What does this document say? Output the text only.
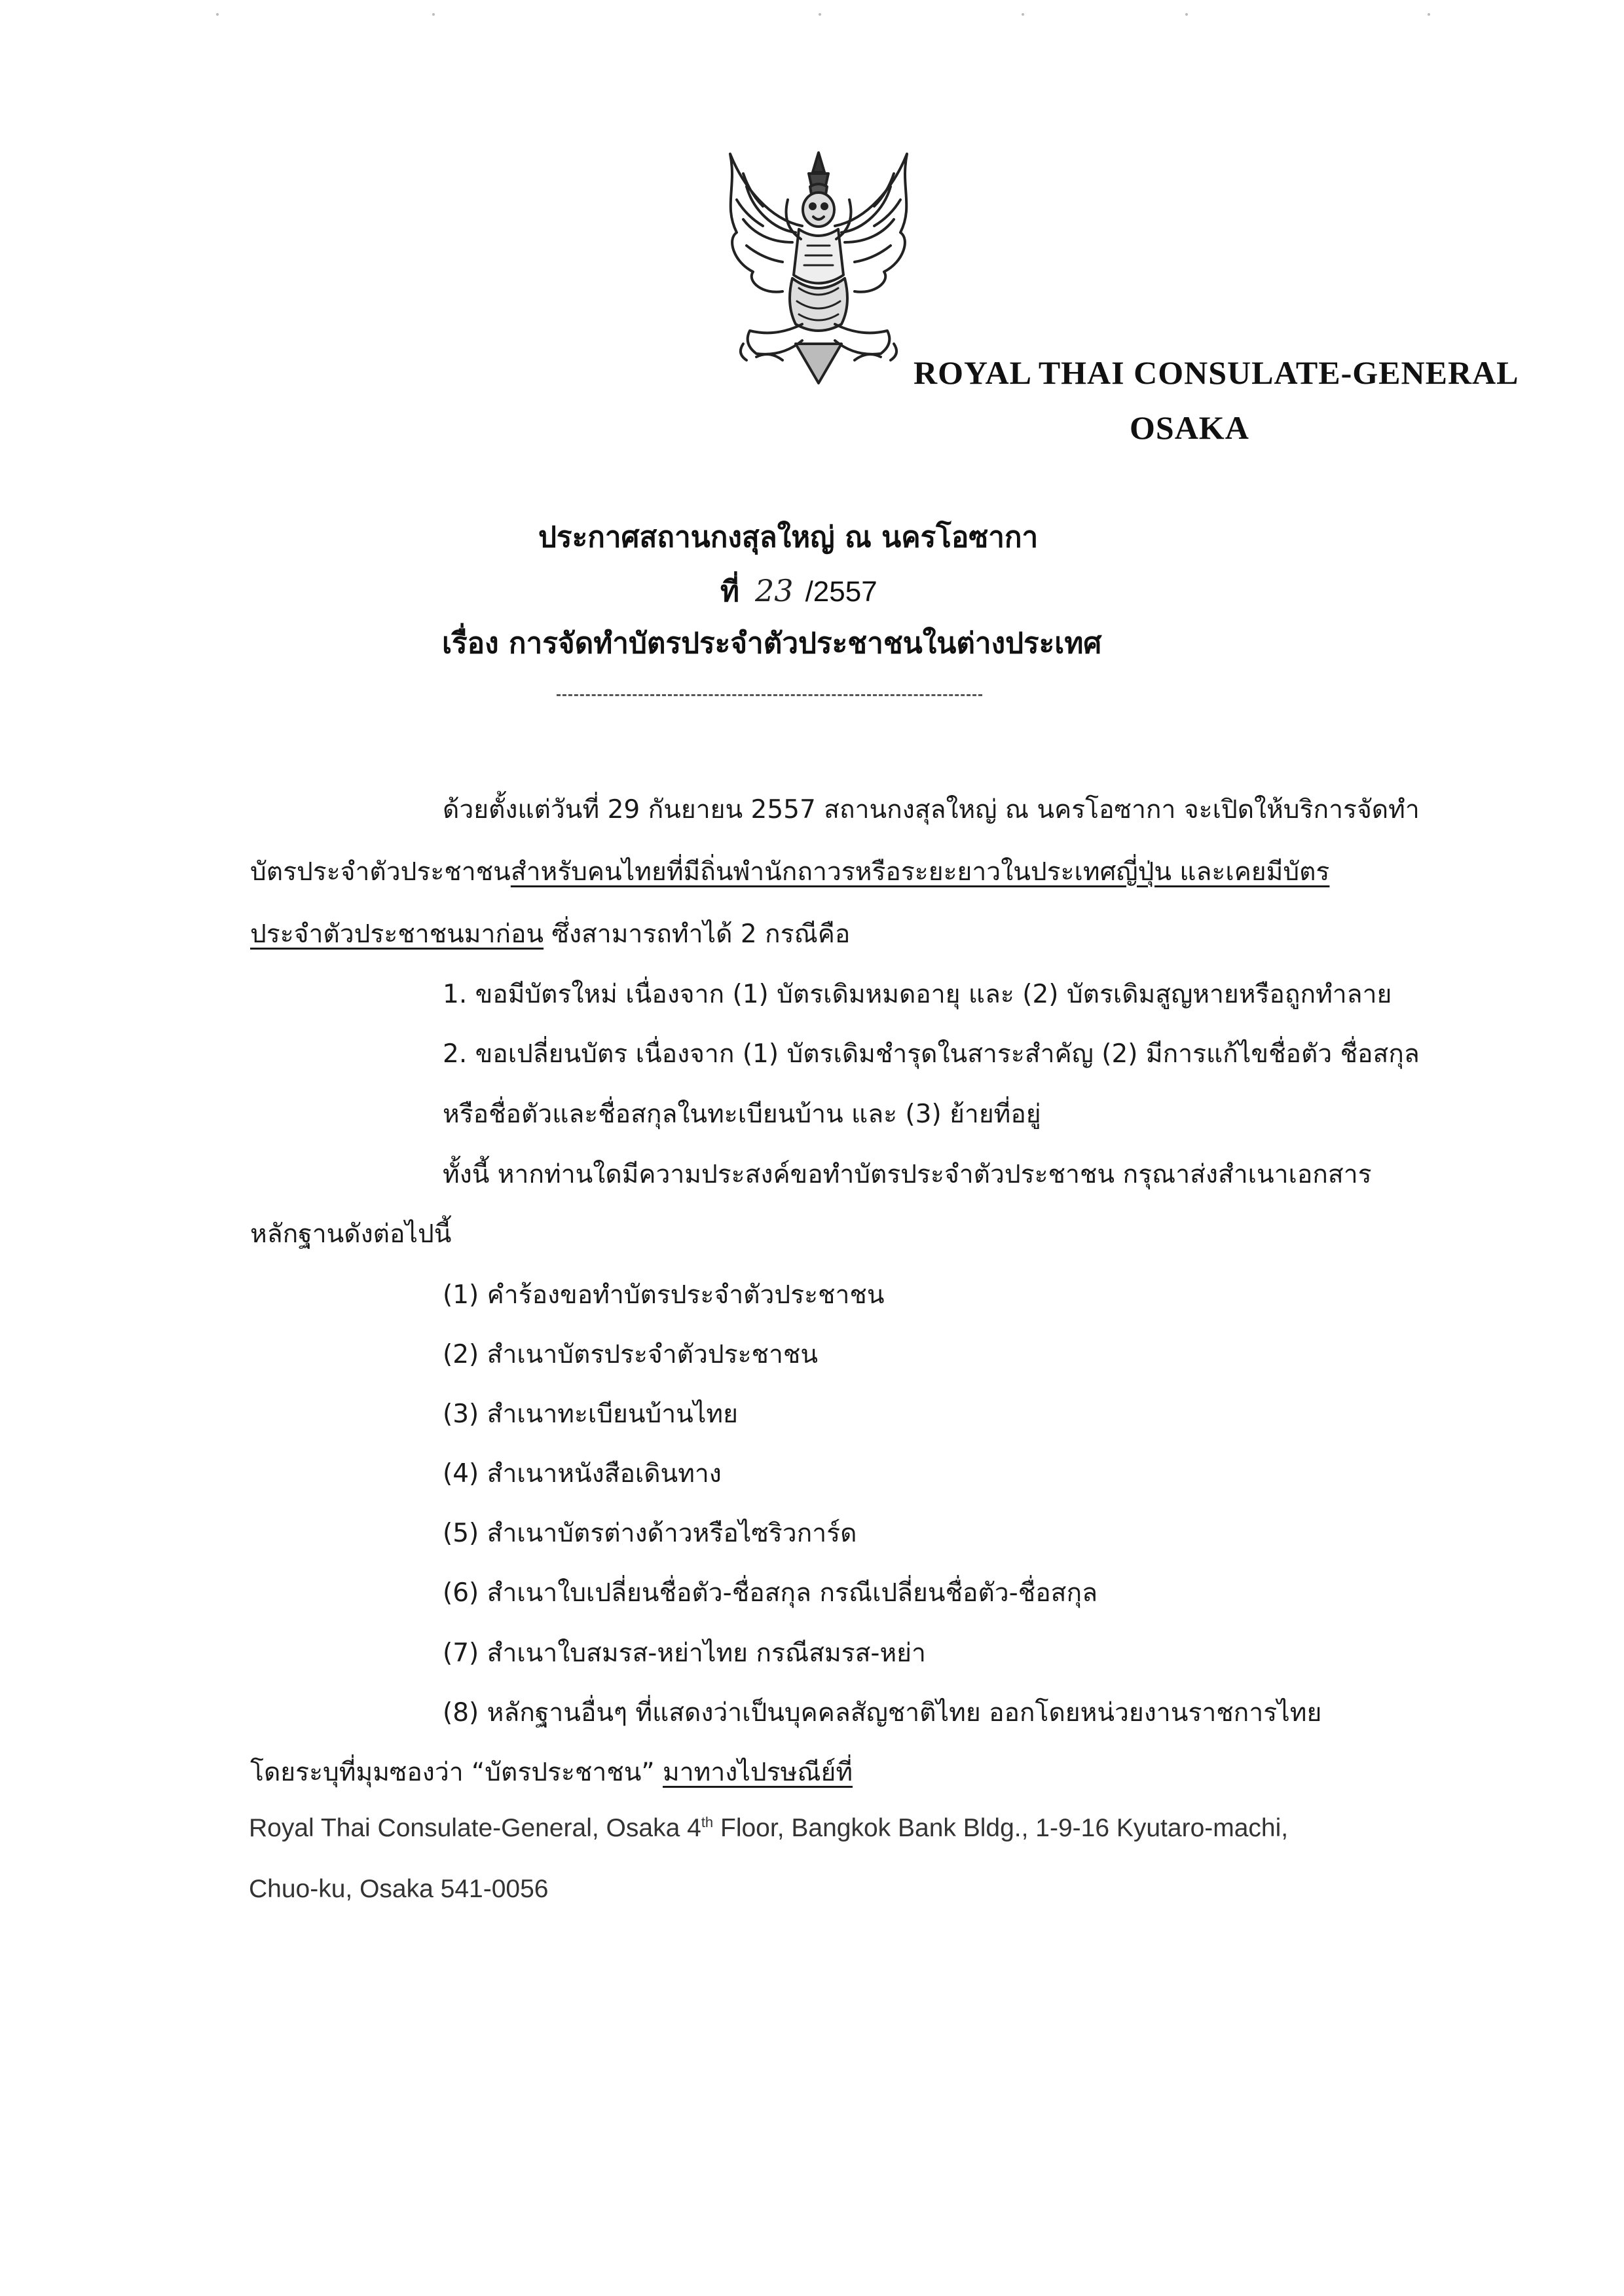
ROYAL THAI CONSULATE-GENERAL
OSAKA
ประกาศสถานกงสุลใหญ่ ณ นครโอซากา
ที่ 23 /2557
เรื่อง การจัดทำบัตรประจำตัวประชาชนในต่างประเทศ
ด้วยตั้งแต่วันที่ 29 กันยายน 2557 สถานกงสุลใหญ่ ณ นครโอซากา จะเปิดให้บริการจัดทำ
บัตรประจำตัวประชาชนสำหรับคนไทยที่มีถิ่นพำนักถาวรหรือระยะยาวในประเทศญี่ปุ่น และเคยมีบัตร
ประจำตัวประชาชนมาก่อน ซึ่งสามารถทำได้ 2 กรณีคือ
1. ขอมีบัตรใหม่ เนื่องจาก (1) บัตรเดิมหมดอายุ และ (2) บัตรเดิมสูญหายหรือถูกทำลาย
2. ขอเปลี่ยนบัตร เนื่องจาก (1) บัตรเดิมชำรุดในสาระสำคัญ (2) มีการแก้ไขชื่อตัว ชื่อสกุล
หรือชื่อตัวและชื่อสกุลในทะเบียนบ้าน และ (3) ย้ายที่อยู่
ทั้งนี้ หากท่านใดมีความประสงค์ขอทำบัตรประจำตัวประชาชน กรุณาส่งสำเนาเอกสาร
หลักฐานดังต่อไปนี้
(1) คำร้องขอทำบัตรประจำตัวประชาชน
(2) สำเนาบัตรประจำตัวประชาชน
(3) สำเนาทะเบียนบ้านไทย
(4) สำเนาหนังสือเดินทาง
(5) สำเนาบัตรต่างด้าวหรือไซริวการ์ด
(6) สำเนาใบเปลี่ยนชื่อตัว-ชื่อสกุล กรณีเปลี่ยนชื่อตัว-ชื่อสกุล
(7) สำเนาใบสมรส-หย่าไทย กรณีสมรส-หย่า
(8) หลักฐานอื่นๆ ที่แสดงว่าเป็นบุคคลสัญชาติไทย ออกโดยหน่วยงานราชการไทย
โดยระบุที่มุมซองว่า “บัตรประชาชน” มาทางไปรษณีย์ที่
Royal Thai Consulate-General, Osaka 4th Floor, Bangkok Bank Bldg., 1-9-16 Kyutaro-machi,
Chuo-ku, Osaka 541-0056
